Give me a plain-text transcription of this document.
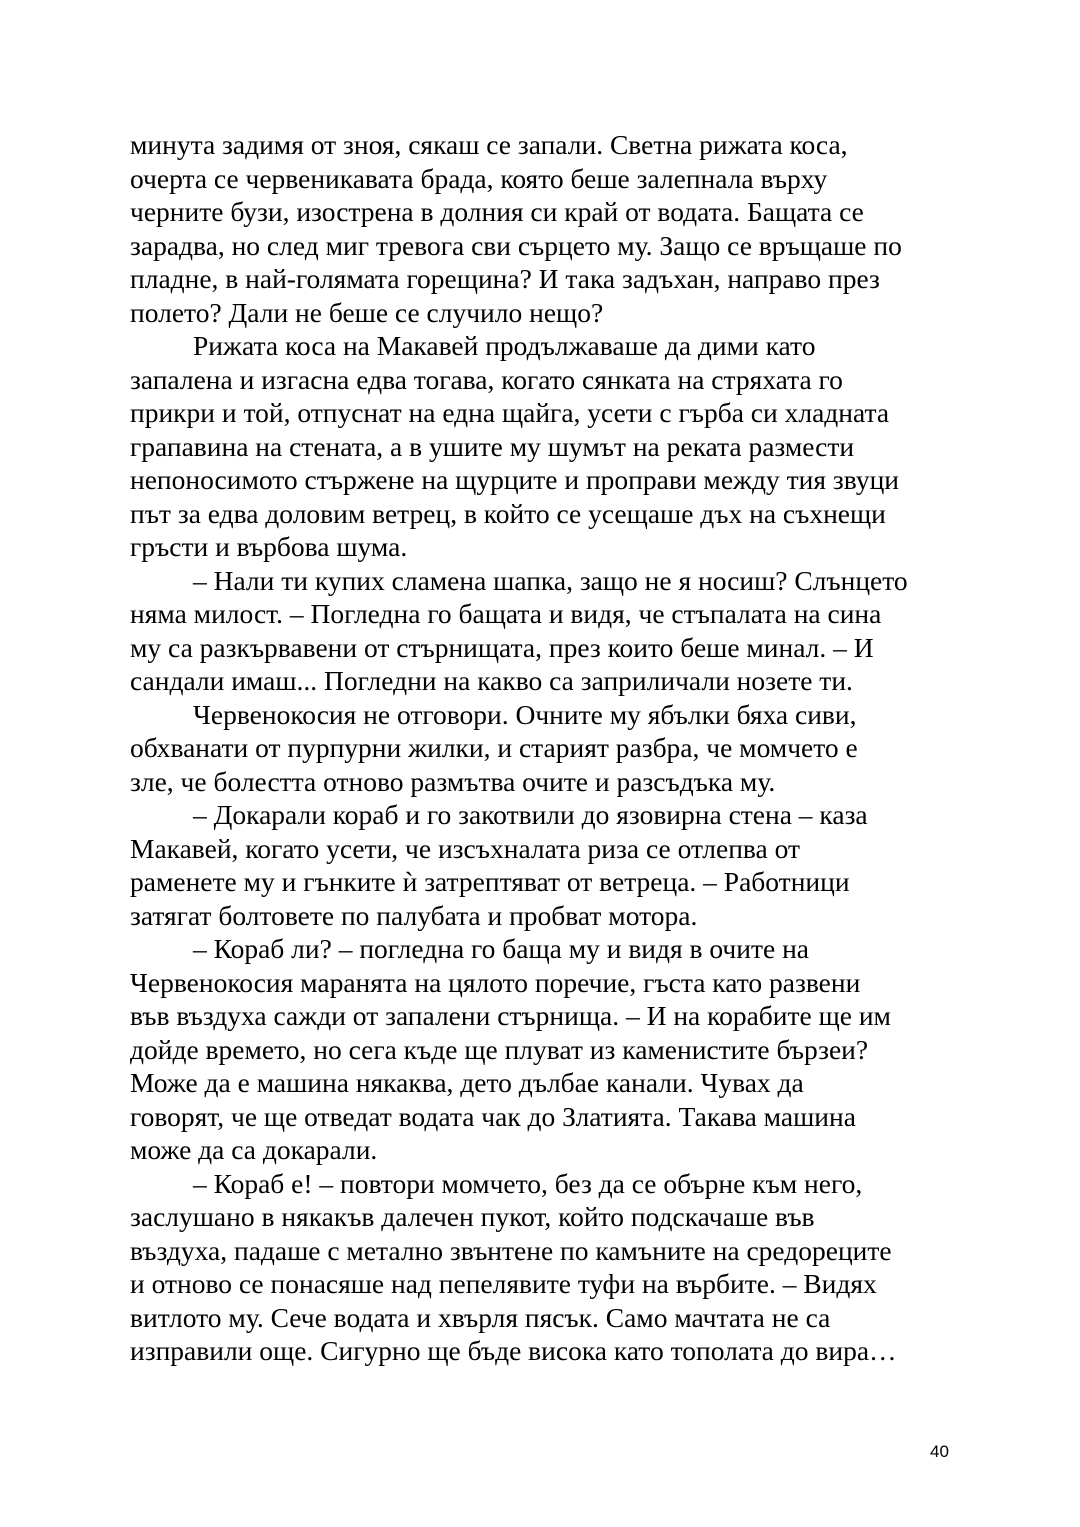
минута задимя от зноя, сякаш се запали. Светна рижата коса,
очерта се червеникавата брада, която беше залепнала върху
черните бузи, изострена в долния си край от водата. Бащата се
зарадва, но след миг тревога сви сърцето му. Защо се връщаше по
пладне, в най-голямата горещина? И така задъхан, направо през
полето? Дали не беше се случило нещо?
Рижата коса на Макавей продължаваше да дими като
запалена и изгасна едва тогава, когато сянката на стряхата го
прикри и той, отпуснат на една щайга, усети с гърба си хладната
грапавина на стената, а в ушите му шумът на реката размести
непоносимото стържене на щурците и проправи между тия звуци
път за едва доловим ветрец, в който се усещаше дъх на съхнещи
гръсти и върбова шума.
– Нали ти купих сламена шапка, защо не я носиш? Слънцето
няма милост. – Погледна го бащата и видя, че стъпалата на сина
му са разкървавени от стърнищата, през които беше минал. – И
сандали имаш... Погледни на какво са заприличали нозете ти.
Червенокосия не отговори. Очните му ябълки бяха сиви,
обхванати от пурпурни жилки, и старият разбра, че момчето е
зле, че болестта отново размътва очите и разсъдъка му.
– Докарали кораб и го закотвили до язовирна стена – каза
Макавей, когато усети, че изсъхналата риза се отлепва от
раменете му и гънките ѝ затрептяват от ветреца. – Работници
затягат болтовете по палубата и пробват мотора.
– Кораб ли? – погледна го баща му и видя в очите на
Червенокосия маранята на цялото поречие, гъста като развени
във въздуха сажди от запалени стърнища. – И на корабите ще им
дойде времето, но сега къде ще плуват из каменистите бързеи?
Може да е машина някаква, дето дълбае канали. Чувах да
говорят, че ще отведат водата чак до Златията. Такава машина
може да са докарали.
– Кораб е! – повтори момчето, без да се обърне към него,
заслушано в някакъв далечен пукот, който подскачаше във
въздуха, падаше с метално звънтене по камъните на средореците
и отново се понасяше над пепелявите туфи на върбите. – Видях
витлото му. Сече водата и хвърля пясък. Само мачтата не са
изправили още. Сигурно ще бъде висока като тополата до вира…
40
